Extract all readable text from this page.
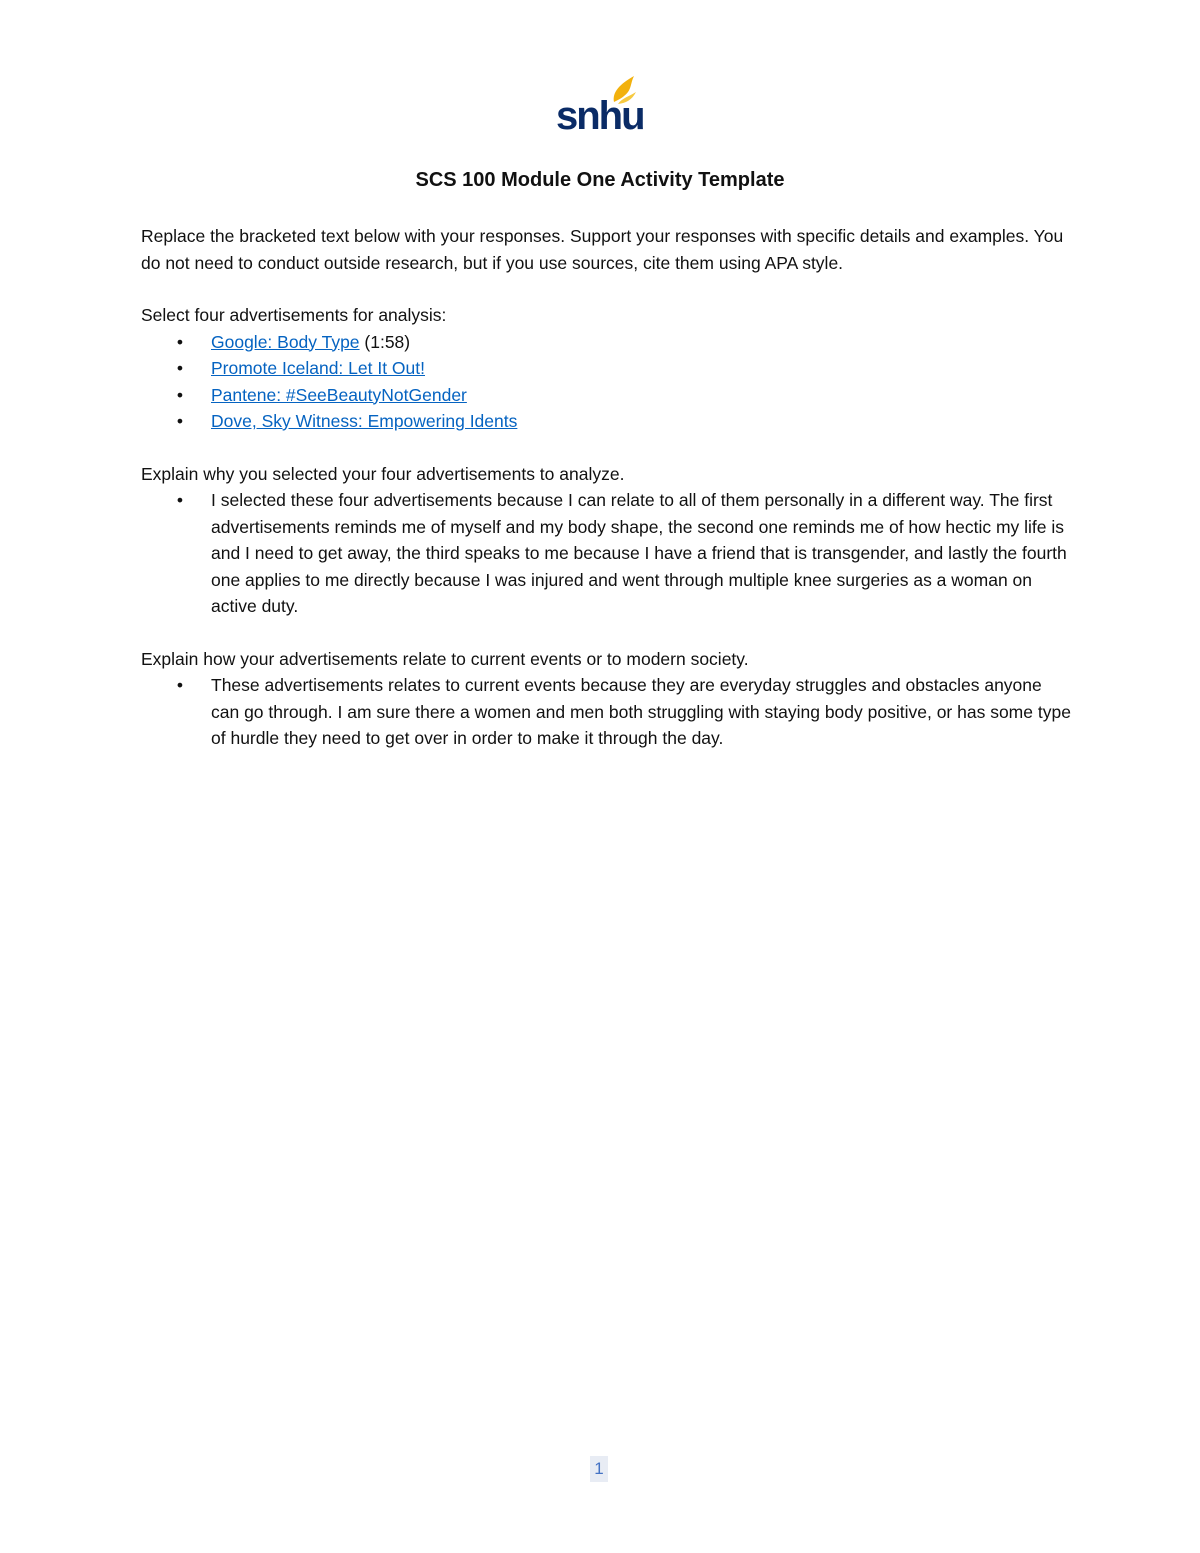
snhu
SCS 100 Module One Activity Template

Replace the bracketed text below with your responses. Support your responses with specific details and examples. You do not need to conduct outside research, but if you use sources, cite them using APA style.

Select four advertisements for analysis:

• Google: Body Type (1:58)
• Promote Iceland: Let It Out!
• Pantene: #SeeBeautyNotGender
• Dove, Sky Witness: Empowering Idents

Explain why you selected your four advertisements to analyze.

• I selected these four advertisements because I can relate to all of them personally in a different way. The first advertisements reminds me of myself and my body shape, the second one reminds me of how hectic my life is and I need to get away, the third speaks to me because I have a friend that is transgender, and lastly the fourth one applies to me directly because I was injured and went through multiple knee surgeries as a woman on active duty.

Explain how your advertisements relate to current events or to modern society.

• These advertisements relates to current events because they are everyday struggles and obstacles anyone can go through. I am sure there a women and men both struggling with staying body positive, or has some type of hurdle they need to get over in order to make it through the day.
1
